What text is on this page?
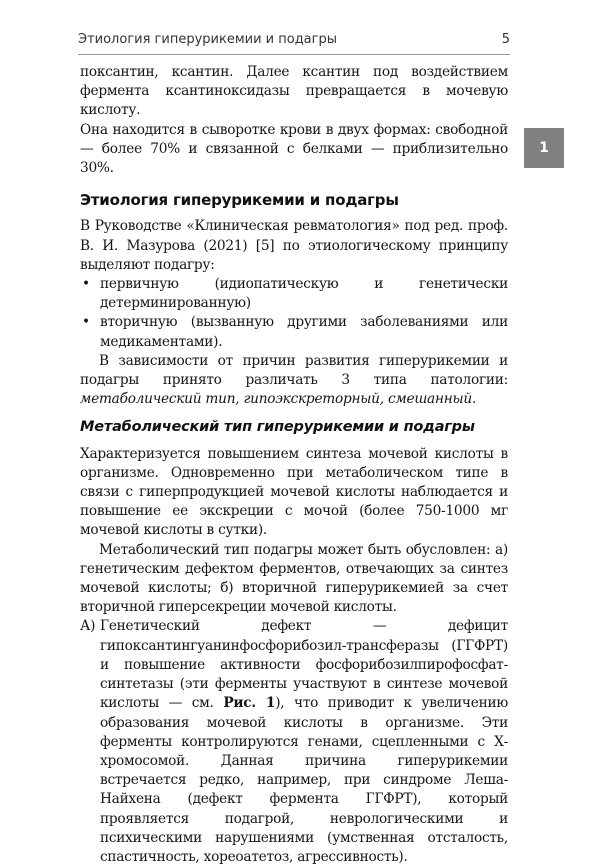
Этиология гиперурикемии и подагры	5
1

поксантин, ксантин. Далее ксантин под воздействием фермента ксантиноксидазы превращается в мочевую кислоту.

Она находится в сыворотке крови в двух формах: свободной — более 70% и связанной с белками — приблизительно 30%.

Этиология гиперурикемии и подагры

В Руководстве «Клиническая ревматология» под ред. проф. В. И. Мазурова (2021) [5] по этиологическому принципу выделяют подагру:

• первичную (идиопатическую и генетически детерминированную)
• вторичную (вызванную другими заболеваниями или медикаментами).

В зависимости от причин развития гиперурикемии и подагры принято различать 3 типа патологии: метаболический тип, гипоэкскреторный, смешанный.

Метаболический тип гиперурикемии и подагры

Характеризуется повышением синтеза мочевой кислоты в организме. Одновременно при метаболическом типе в связи с гиперпродукцией мочевой кислоты наблюдается и повышение ее экскреции с мочой (более 750-1000 мг мочевой кислоты в сутки).

Метаболический тип подагры может быть обусловлен: а) генетическим дефектом ферментов, отвечающих за синтез мочевой кислоты; б) вторичной гиперурикемией за счет вторичной гиперсекреции мочевой кислоты.

А) Генетический дефект — дефицит гипоксантингуанинфосфорибозил-трансферазы (ГГФРТ) и повышение активности фосфорибозилпирофосфат-синтетазы (эти ферменты участвуют в синтезе мочевой кислоты — см. Рис. 1), что приводит к увеличению образования мочевой кислоты в организме. Эти ферменты контролируются генами, сцепленными с Х-хромосомой. Данная причина гиперурикемии встречается редко, например, при синдроме Леша-Найхена (дефект фермента ГГФРТ), который проявляется подагрой, неврологическими и психическими нарушениями (умственная отсталость, спастичность, хореоатетоз, агрессивность).
